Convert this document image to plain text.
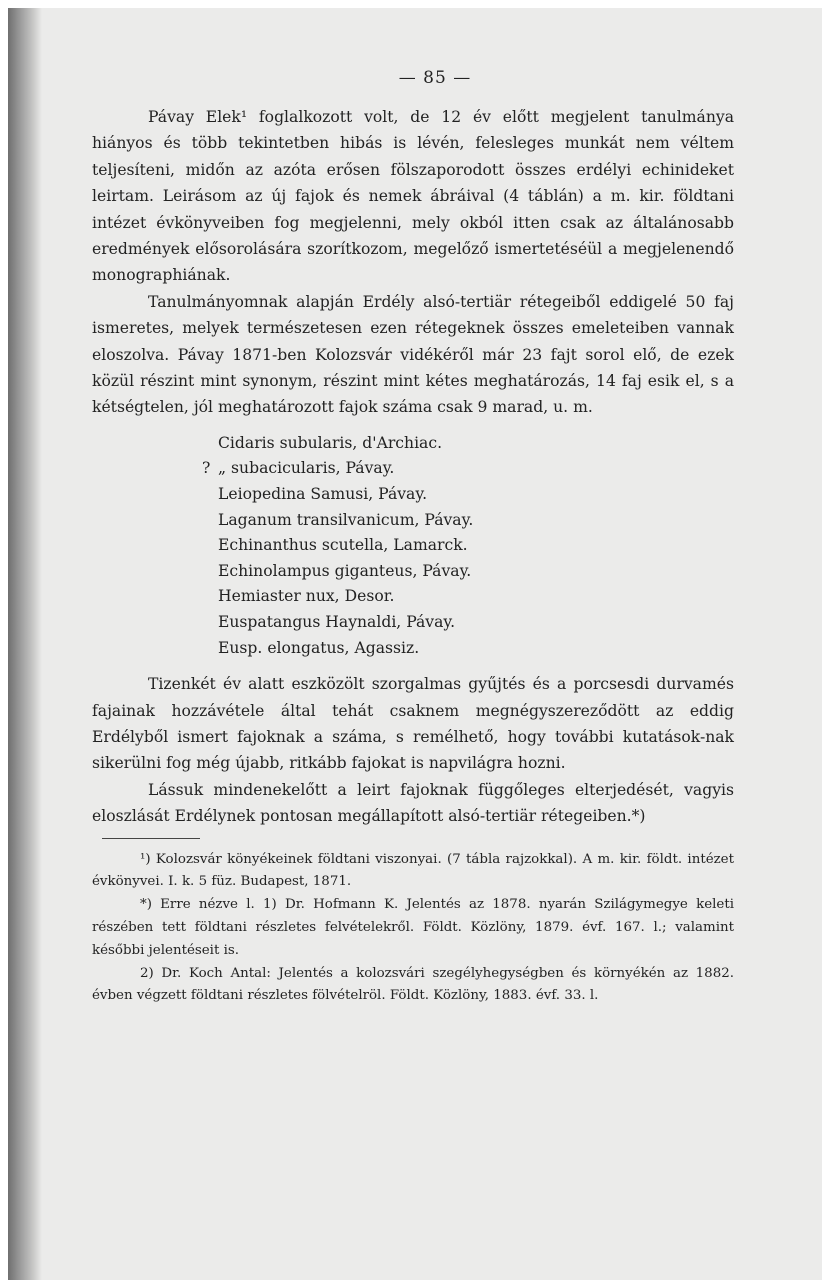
— 85 —

Pávay Elek¹ foglalkozott volt, de 12 év előtt megjelent tanulmánya hiányos és több tekintetben hibás is lévén, felesleges munkát nem véltem teljesíteni, midőn az azóta erősen fölszaporodott összes erdélyi echinideket leirtam. Leirásom az új fajok és nemek ábráival (4 táblán) a m. kir. földtani intézet évkönyveiben fog megjelenni, mely okból itten csak az általánosabb eredmények elősorolására szorítkozom, megelőző ismertetéséül a megjelenendő monographiának.

Tanulmányomnak alapján Erdély alsó-tertiär rétegeiből eddigelé 50 faj ismeretes, melyek természetesen ezen rétegeknek összes emeleteiben vannak eloszolva. Pávay 1871-ben Kolozsvár vidékéről már 23 fajt sorol elő, de ezek közül részint mint synonym, részint mint kétes meghatározás, 14 faj esik el, s a kétségtelen, jól meghatározott fajok száma csak 9 marad, u. m.

Cidaris subularis, d'Archiac.
? „ subacicularis, Pávay.
Leiopedina Samusi, Pávay.
Laganum transilvanicum, Pávay.
Echinanthus scutella, Lamarck.
Echinolampus giganteus, Pávay.
Hemiaster nux, Desor.
Euspatangus Haynaldi, Pávay.
Eusp. elongatus, Agassiz.

Tizenkét év alatt eszközölt szorgalmas gyűjtés és a porcsesdi durvamés fajainak hozzávétele által tehát csaknem megnégyszereződött az eddig Erdélyből ismert fajoknak a száma, s remélhető, hogy további kutatások-nak sikerülni fog még újabb, ritkább fajokat is napvilágra hozni.

Lássuk mindenekelőtt a leirt fajoknak függőleges elterjedését, vagyis eloszlását Erdélynek pontosan megállapított alsó-tertiär rétegeiben.*)

¹) Kolozsvár könyékeinek földtani viszonyai. (7 tábla rajzokkal). A m. kir. földt. intézet évkönyvei. I. k. 5 füz. Budapest, 1871.

*) Erre nézve l. 1) Dr. Hofmann K. Jelentés az 1878. nyarán Szilágymegye keleti részében tett földtani részletes felvételekről. Földt. Közlöny, 1879. évf. 167. l.; valamint későbbi jelentéseit is.

2) Dr. Koch Antal: Jelentés a kolozsvári szegélyhegységben és környékén az 1882. évben végzett földtani részletes fölvételröl. Földt. Közlöny, 1883. évf. 33. l.
